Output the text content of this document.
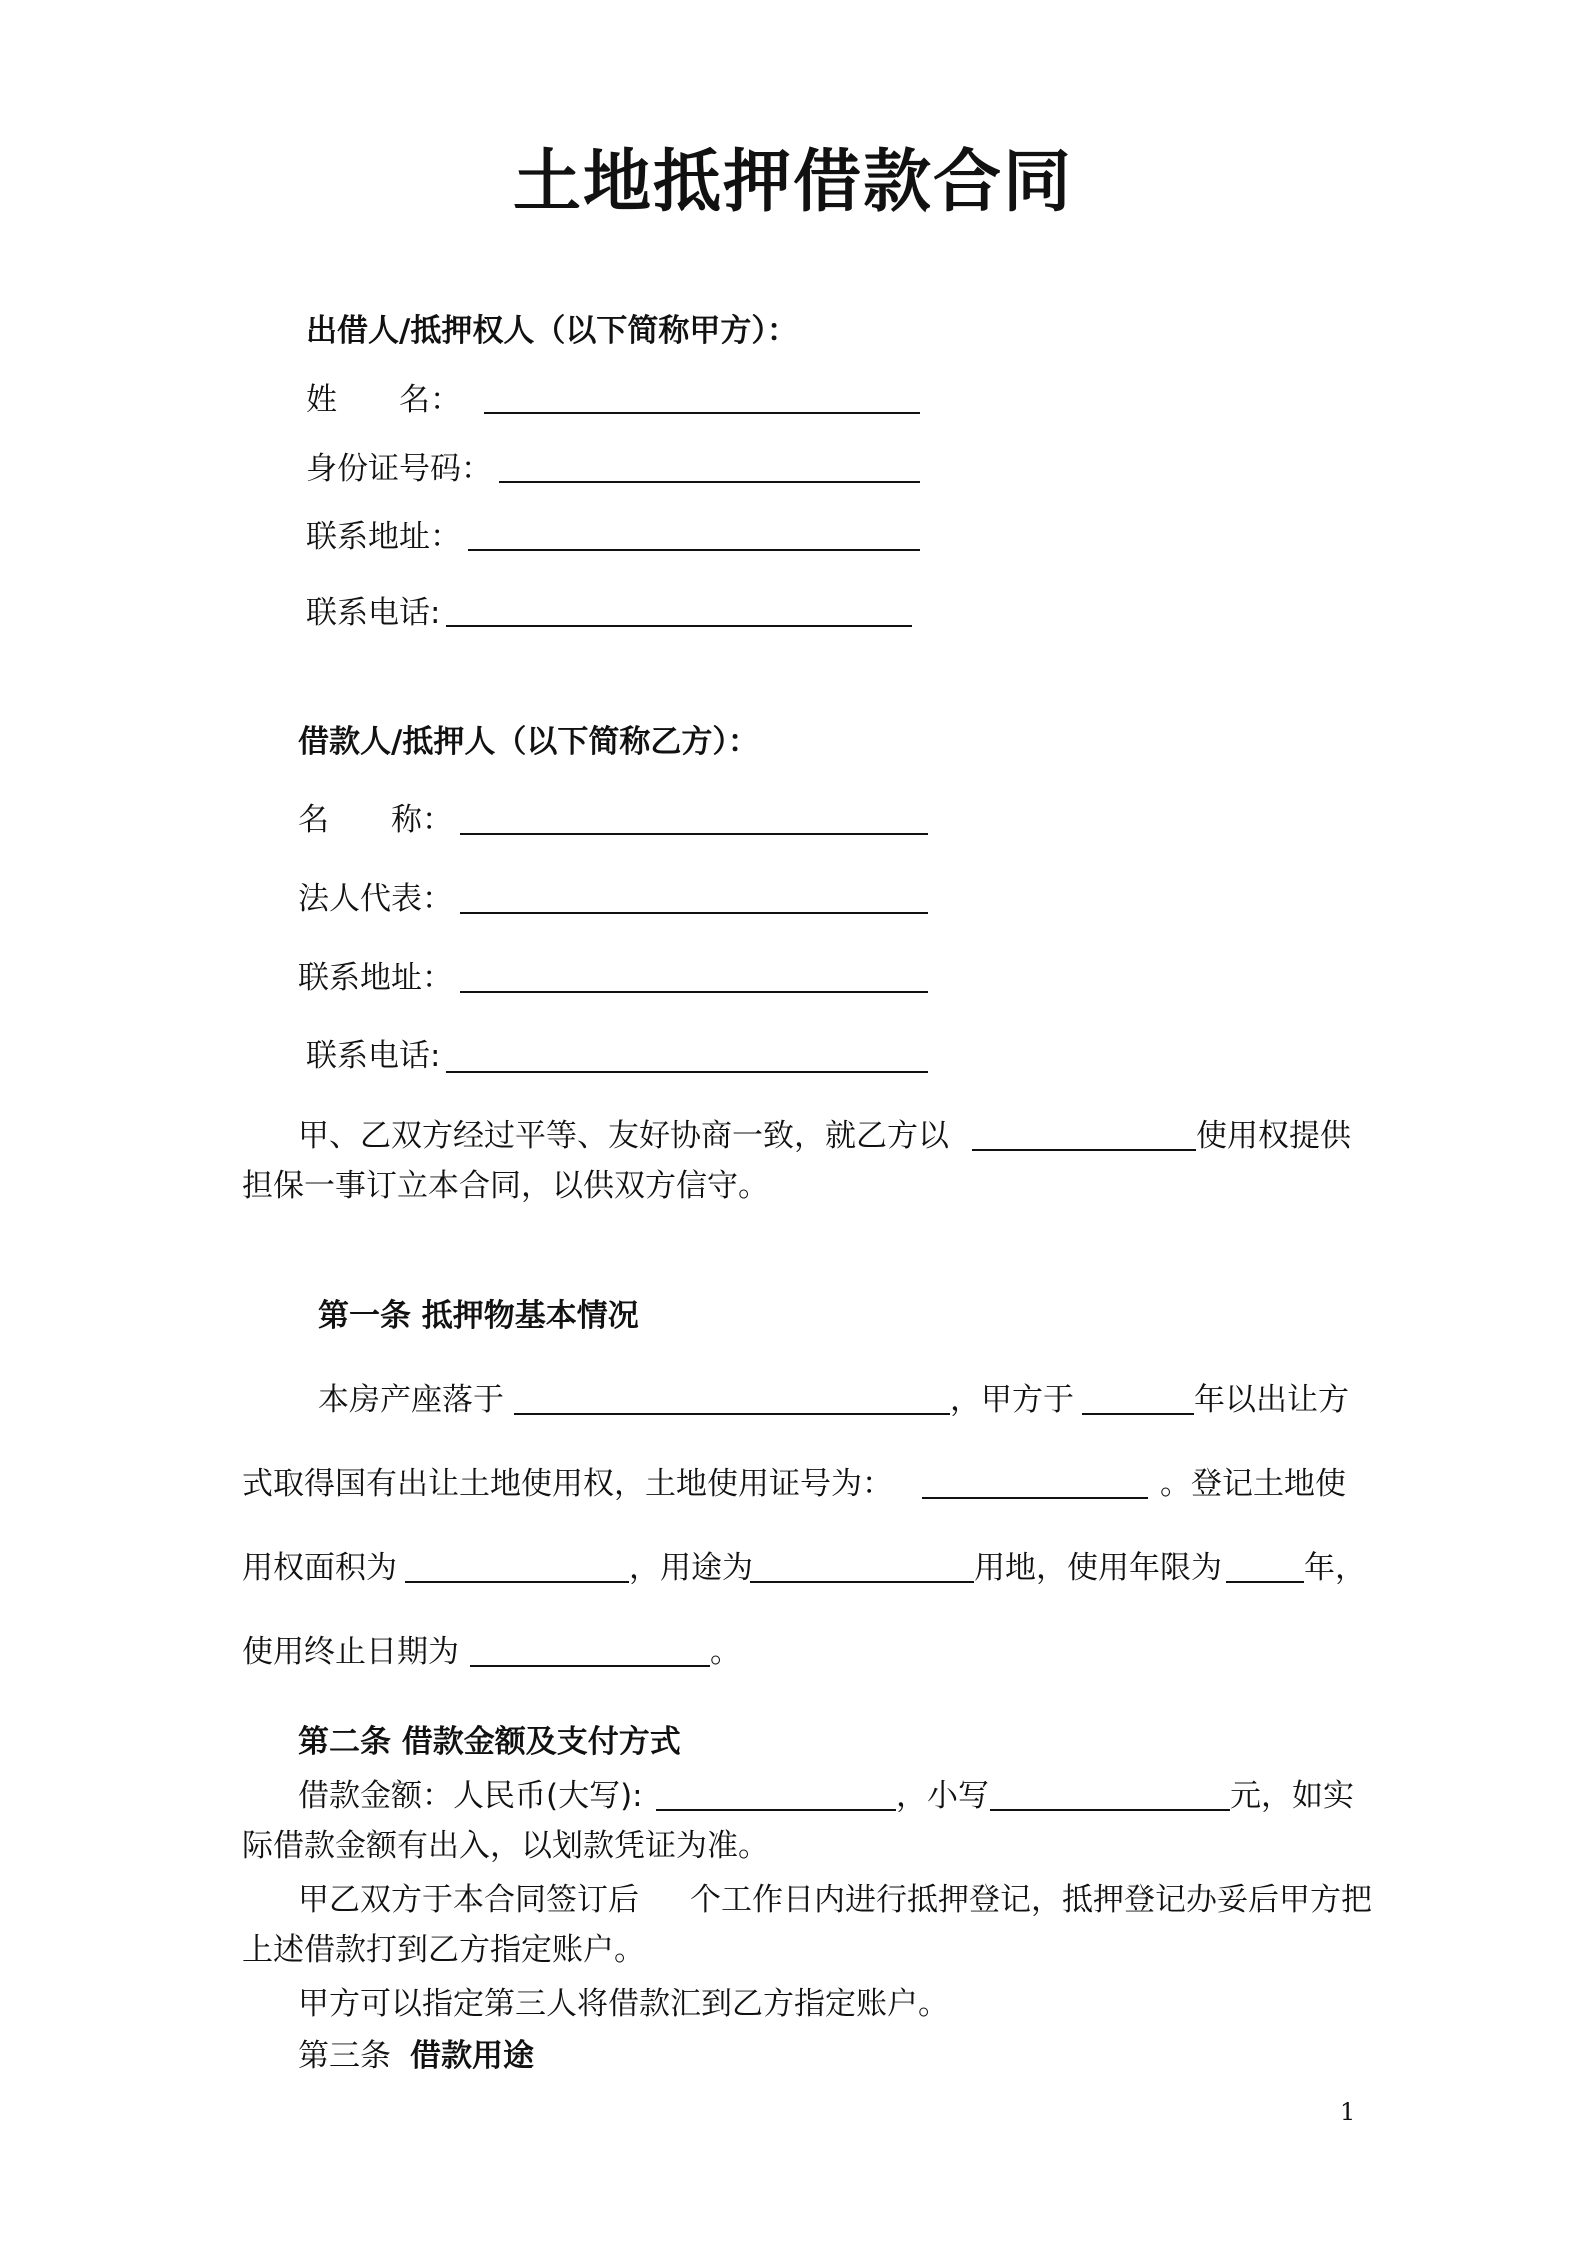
土地抵押借款合同
出借人/抵押权人（以下简称甲方）：
姓　　名：
身份证号码：
联系地址：
联系电话:
借款人/抵押人（以下简称乙方）：
名　　称：
法人代表：
联系地址：
联系电话:
甲、乙双方经过平等、友好协商一致，就乙方以	使用权提供
担保一事订立本合同，以供双方信守。
第一条 抵押物基本情况
本房产座落于	，甲方于	年以出让方
式取得国有出让土地使用权，土地使用证号为：	。登记土地使
用权面积为	，用途为	用地，使用年限为	年，
使用终止日期为	。
第二条 借款金额及支付方式
借款金额：人民币(大写):	，小写	元，如实
际借款金额有出入，以划款凭证为准。
甲乙双方于本合同签订后 个工作日内进行抵押登记，抵押登记办妥后甲方把
上述借款打到乙方指定账户。
甲方可以指定第三人将借款汇到乙方指定账户。
第三条 借款用途
1
